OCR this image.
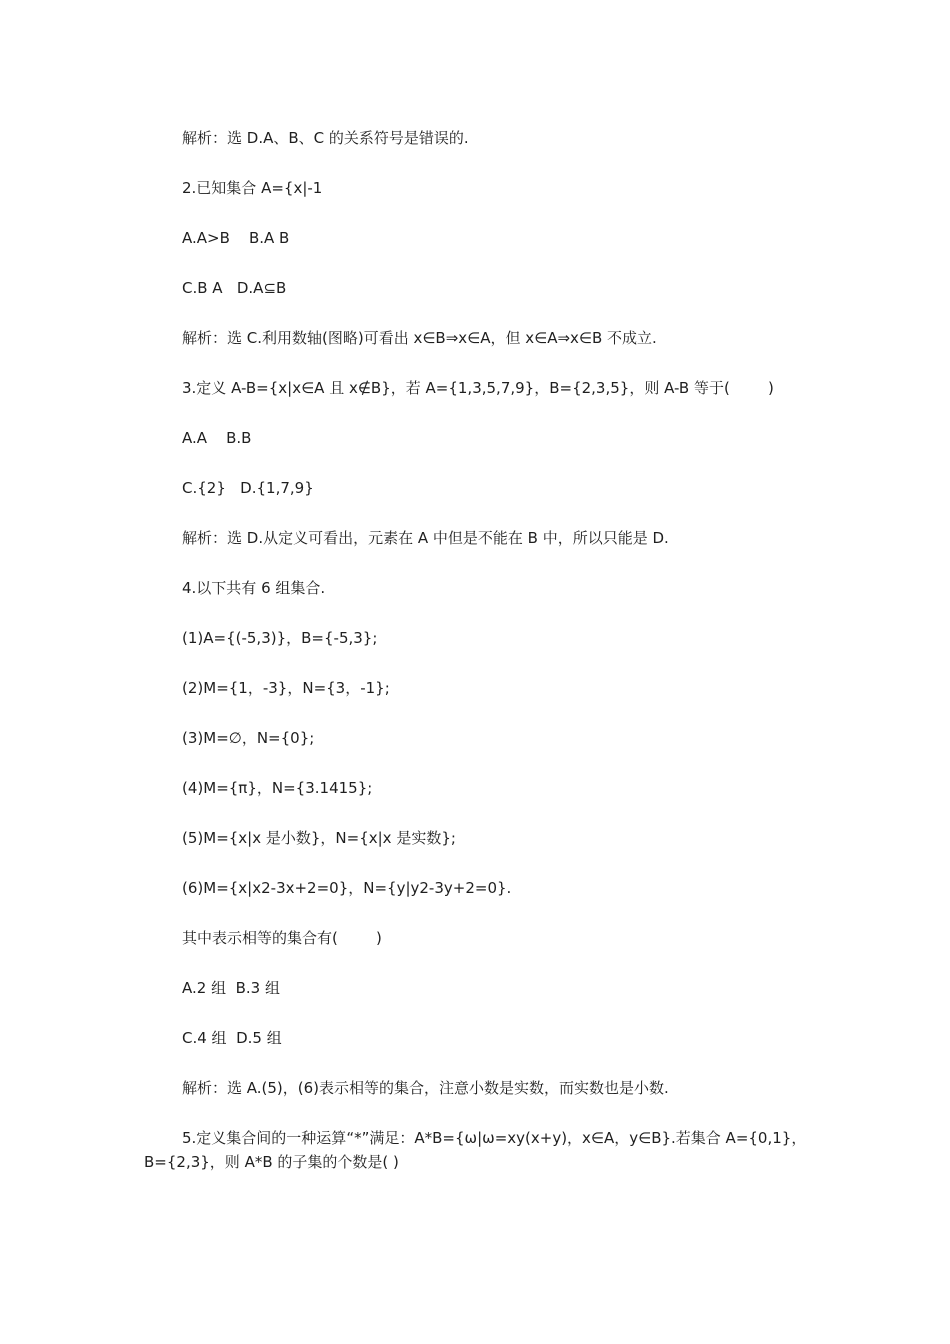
解析：选 D.A、B、C 的关系符号是错误的.
2.已知集合 A={x|-1
A.A>B    B.A B
C.B A   D.A⊆B
解析：选 C.利用数轴(图略)可看出 x∈B⇒x∈A，但 x∈A⇒x∈B 不成立.
3.定义 A-B={x|x∈A 且 x∉B}，若 A={1,3,5,7,9}，B={2,3,5}，则 A-B 等于(        )
A.A    B.B
C.{2}   D.{1,7,9}
解析：选 D.从定义可看出，元素在 A 中但是不能在 B 中，所以只能是 D.
4.以下共有 6 组集合.
(1)A={(-5,3)}，B={-5,3};
(2)M={1，-3}，N={3，-1};
(3)M=∅，N={0};
(4)M={π}，N={3.1415};
(5)M={x|x 是小数}，N={x|x 是实数};
(6)M={x|x2-3x+2=0}，N={y|y2-3y+2=0}.
其中表示相等的集合有(        )
A.2 组  B.3 组
C.4 组  D.5 组
解析：选 A.(5)，(6)表示相等的集合，注意小数是实数，而实数也是小数.
5.定义集合间的一种运算“*”满足：A*B={ω|ω=xy(x+y)，x∈A，y∈B}.若集合 A={0,1}，B={2,3}，则 A*B 的子集的个数是( )
